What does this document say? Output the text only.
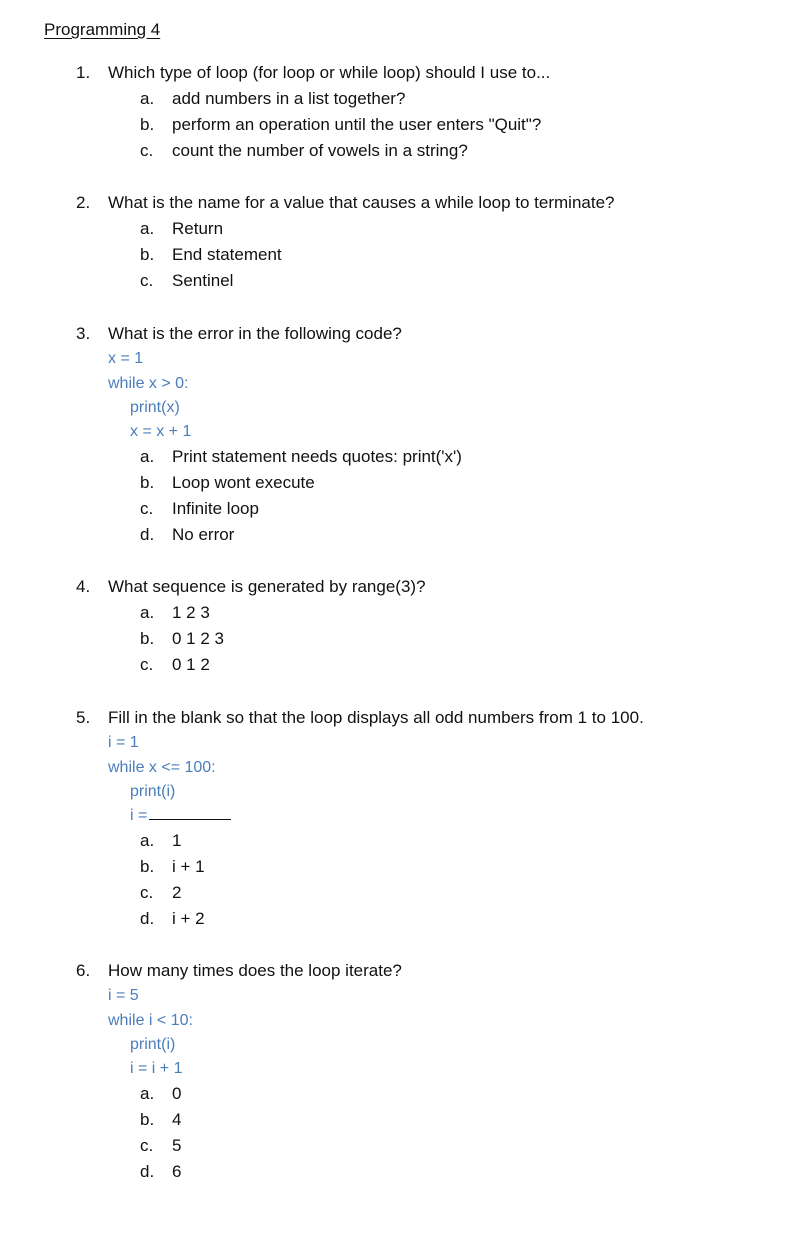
Programming 4
1. Which type of loop (for loop or while loop) should I use to...
a. add numbers in a list together?
b. perform an operation until the user enters "Quit"?
c. count the number of vowels in a string?
2. What is the name for a value that causes a while loop to terminate?
a. Return
b. End statement
c. Sentinel
3. What is the error in the following code?
x = 1
while x > 0:
print(x)
x = x + 1
a. Print statement needs quotes: print('x')
b. Loop wont execute
c. Infinite loop
d. No error
4. What sequence is generated by range(3)?
a. 1 2 3
b. 0 1 2 3
c. 0 1 2
5. Fill in the blank so that the loop displays all odd numbers from 1 to 100.
i = 1
while x <= 100:
print(i)
i =
a. 1
b. i + 1
c. 2
d. i + 2
6. How many times does the loop iterate?
i = 5
while i < 10:
print(i)
i = i + 1
a. 0
b. 4
c. 5
d. 6
